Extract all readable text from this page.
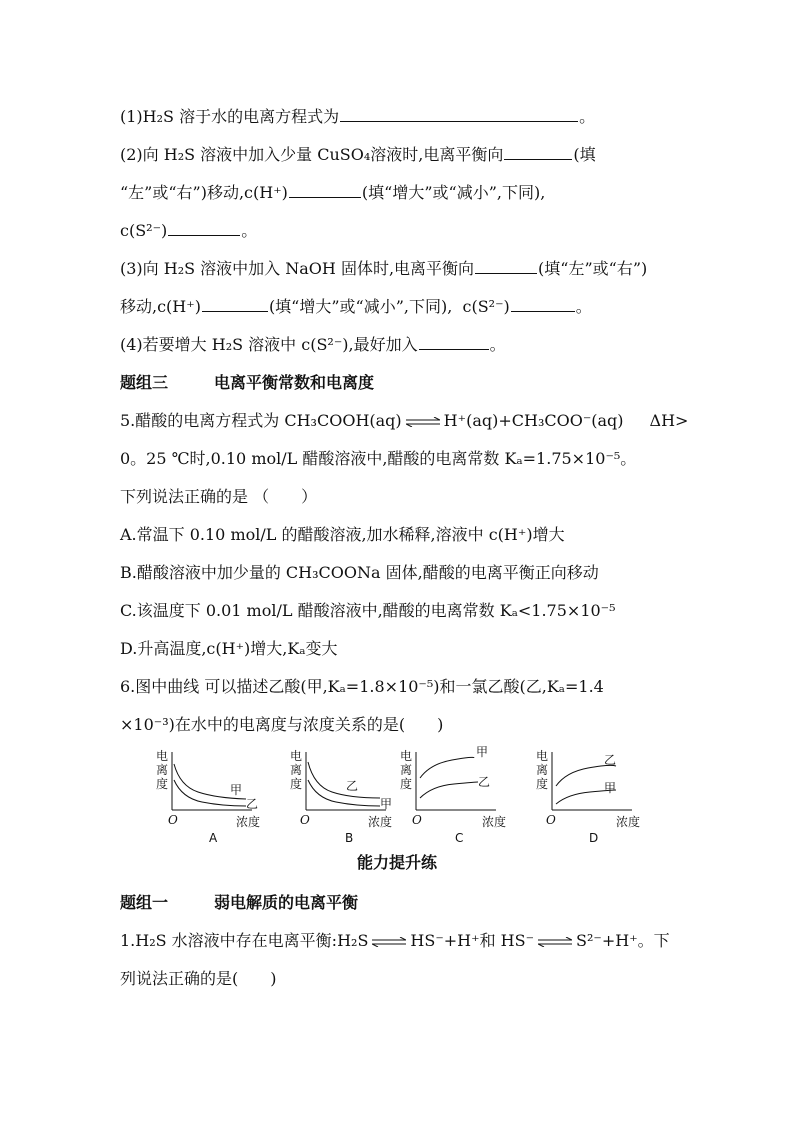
(1)H₂S 溶于水的电离方程式为	。
(2)向 H₂S 溶液中加入少量 CuSO₄溶液时,电离平衡向	(填
“左”或“右”)移动,c(H⁺)	(填“增大”或“减小”,下同),
c(S²⁻)	。
(3)向 H₂S 溶液中加入 NaOH 固体时,电离平衡向	(填“左”或“右”)
移动,c(H⁺)	(填“增大”或“减小”,下同), c(S²⁻)	。
(4)若要增大 H₂S 溶液中 c(S²⁻),最好加入	。
题组三	电离平衡常数和电离度
5.醋酸的电离方程式为 CH₃COOH(aq) ⇌ H⁺(aq)+CH₃COO⁻(aq) ΔH>
0。25 ℃时,0.10 mol/L 醋酸溶液中,醋酸的电离常数 Kₐ=1.75×10⁻⁵。
下列说法正确的是 （　　）
A.常温下 0.10 mol/L 的醋酸溶液,加水稀释,溶液中 c(H⁺)增大
B.醋酸溶液中加少量的 CH₃COONa 固体,醋酸的电离平衡正向移动
C.该温度下 0.01 mol/L 醋酸溶液中,醋酸的电离常数 Kₐ<1.75×10⁻⁵
D.升高温度,c(H⁺)增大,Kₐ变大
6.图中曲线 可以描述乙酸(甲,Kₐ=1.8×10⁻⁵)和一氯乙酸(乙,Kₐ=1.4
×10⁻³)在水中的电离度与浓度关系的是(　　)
电
离
度	甲
乙
O	浓度
A
电
离
度	乙
甲
O	浓度
B
电
离
度
甲
乙
O	浓度
C
电
离
度
乙
甲
O	浓度
D
能力提升练
题组一	弱电解质的电离平衡
1.H₂S 水溶液中存在电离平衡:H₂S ⇌ HS⁻+H⁺和 HS⁻ ⇌ S²⁻+H⁺。下
列说法正确的是(　　)
